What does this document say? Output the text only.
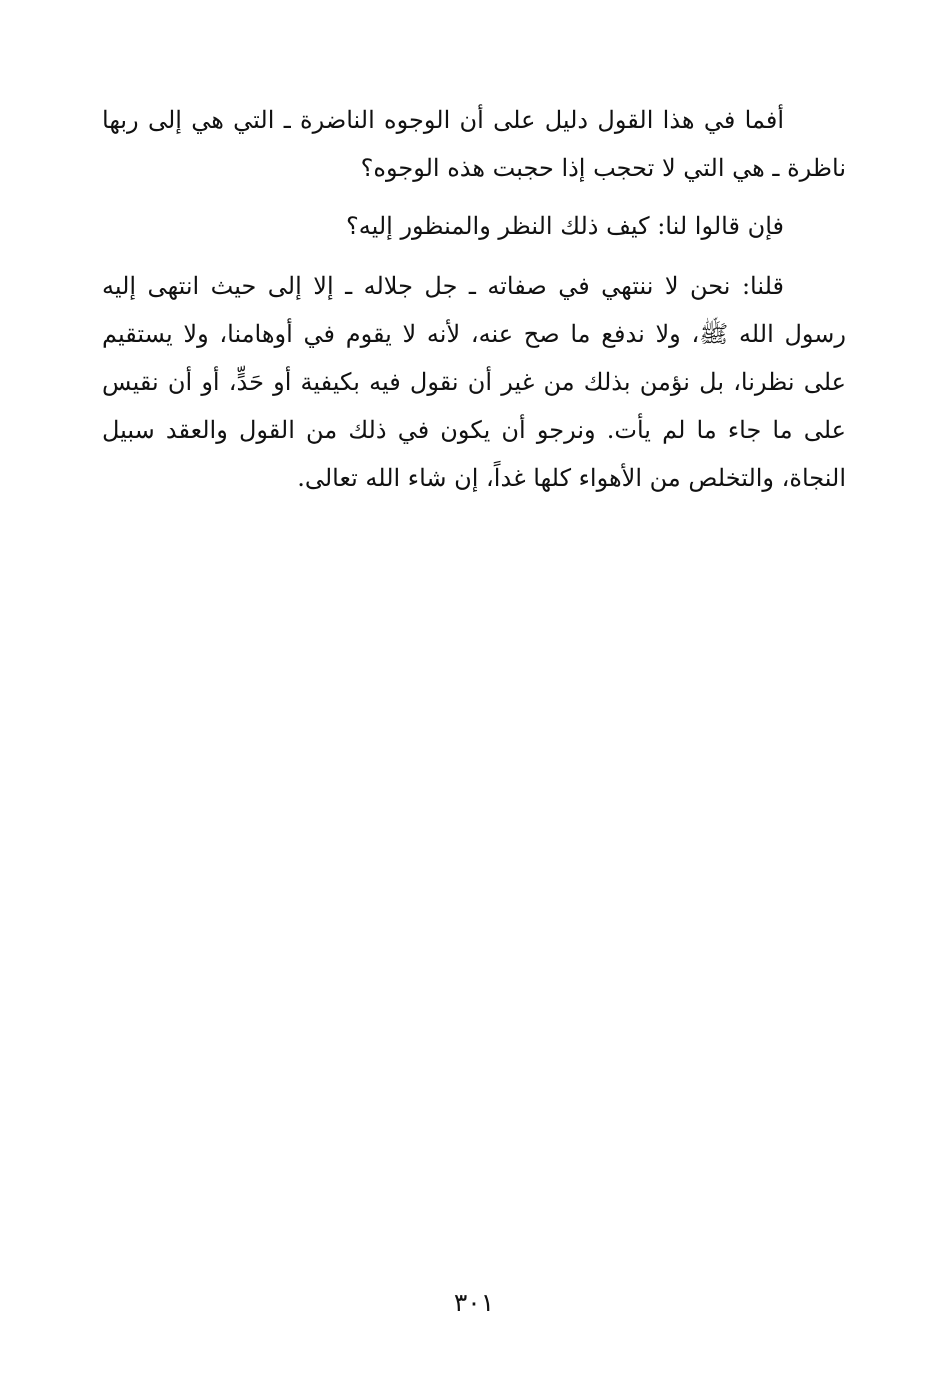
أفما في هذا القول دليل على أن الوجوه الناضرة ـ التي هي إلى ربها ناظرة ـ هي التي لا تحجب إذا حجبت هذه الوجوه؟

فإن قالوا لنا: كيف ذلك النظر والمنظور إليه؟

قلنا: نحن لا ننتهي في صفاته ـ جل جلاله ـ إلا إلى حيث انتهى إليه رسول الله ﷺ، ولا ندفع ما صح عنه، لأنه لا يقوم في أوهامنا، ولا يستقيم على نظرنا، بل نؤمن بذلك من غير أن نقول فيه بكيفية أو حَدٍّ، أو أن نقيس على ما جاء ما لم يأت. ونرجو أن يكون في ذلك من القول والعقد سبيل النجاة، والتخلص من الأهواء كلها غداً، إن شاء الله تعالى.

٣٠١
